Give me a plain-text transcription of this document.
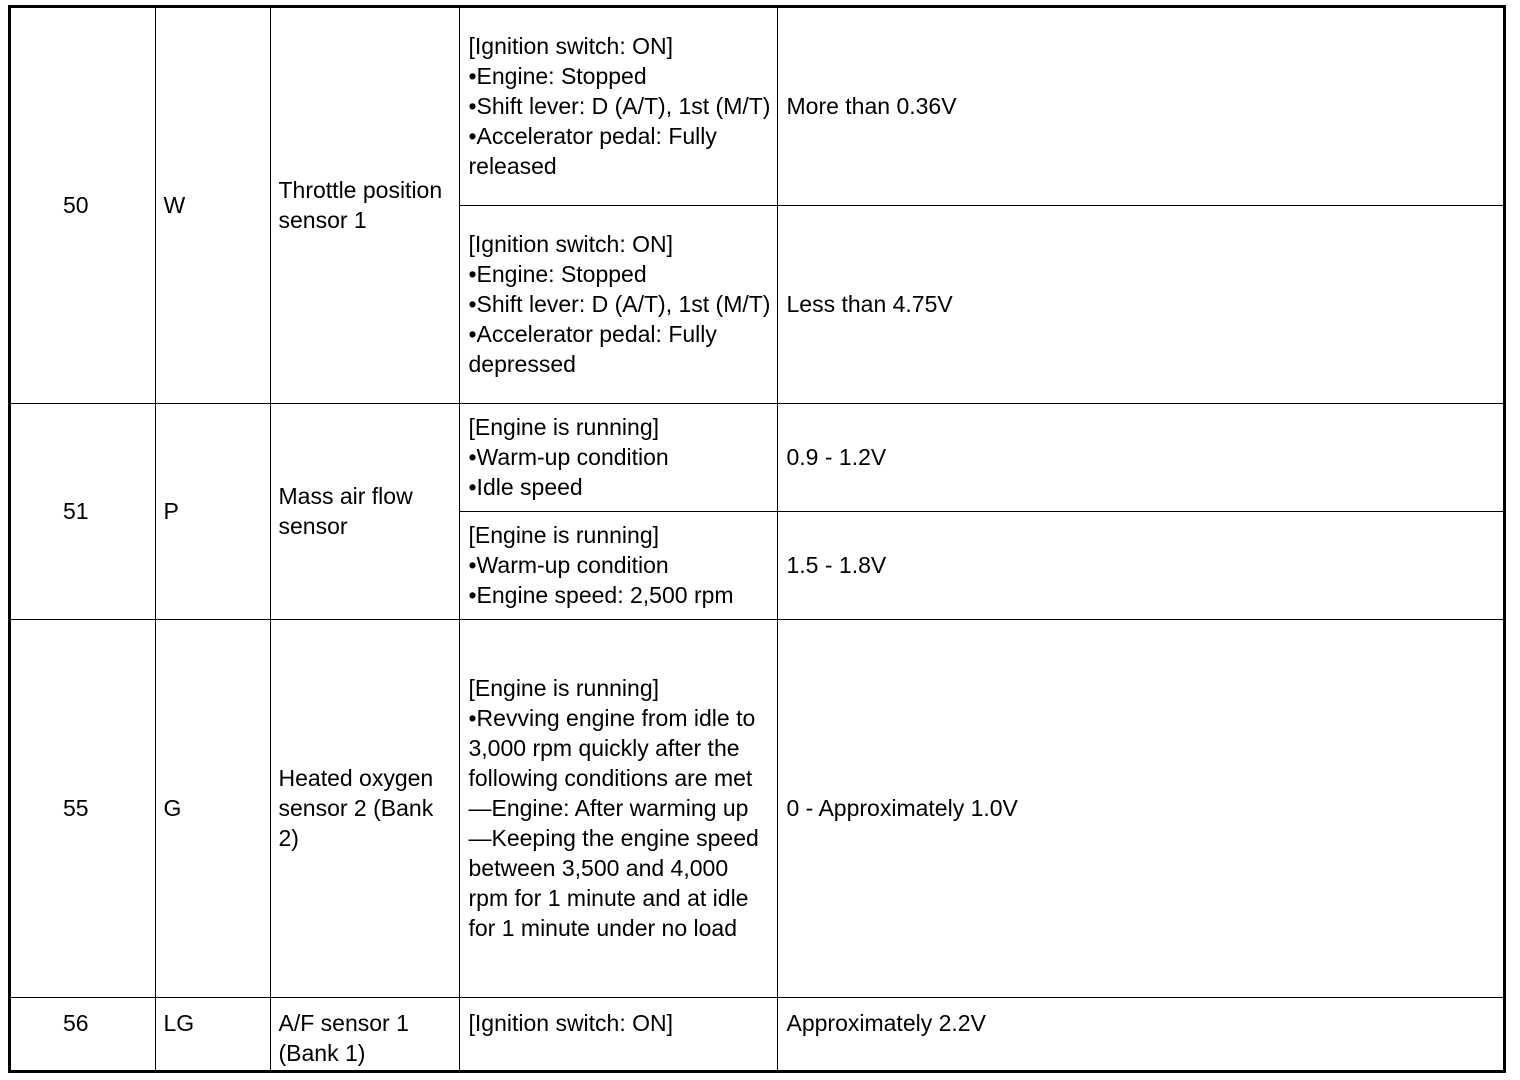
50	W	Throttle position sensor 1	[Ignition switch: ON]
•Engine: Stopped
•Shift lever: D (A/T), 1st (M/T)
•Accelerator pedal: Fully released	More than 0.36V
			[Ignition switch: ON]
•Engine: Stopped
•Shift lever: D (A/T), 1st (M/T)
•Accelerator pedal: Fully depressed	Less than 4.75V
51	P	Mass air flow sensor	[Engine is running]
•Warm-up condition
•Idle speed	0.9 - 1.2V
			[Engine is running]
•Warm-up condition
•Engine speed: 2,500 rpm	1.5 - 1.8V
55	G	Heated oxygen sensor 2 (Bank 2)	[Engine is running]
•Revving engine from idle to 3,000 rpm quickly after the following conditions are met
—Engine: After warming up
—Keeping the engine speed between 3,500 and 4,000 rpm for 1 minute and at idle for 1 minute under no load	0 - Approximately 1.0V
56	LG	A/F sensor 1 (Bank 1)	[Ignition switch: ON]	Approximately 2.2V
